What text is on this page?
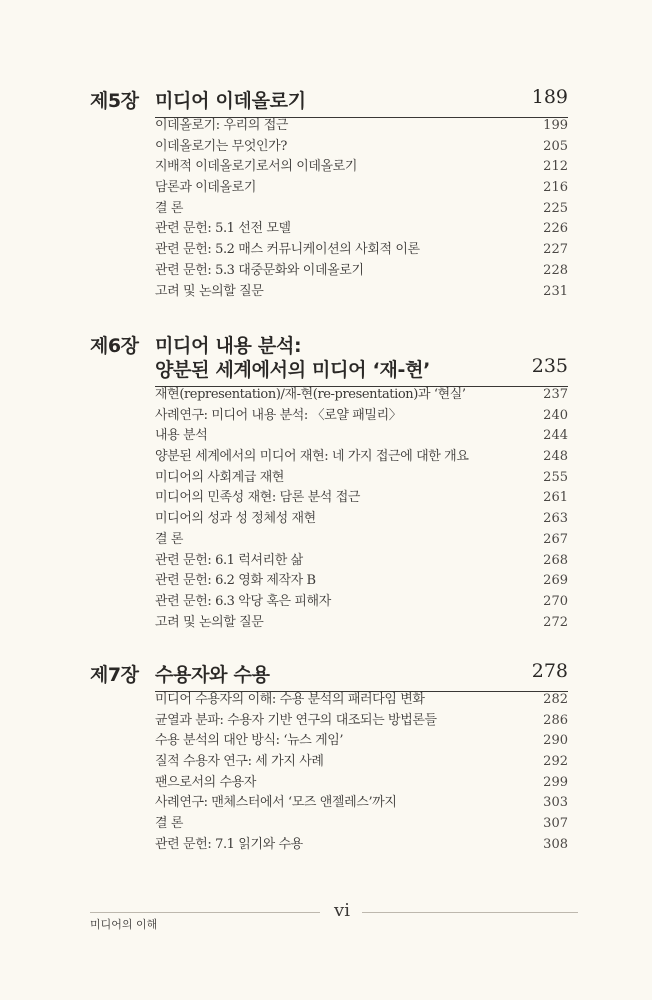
제5장 미디어 이데올로기	189
이데올로기: 우리의 접근	199
이데올로기는 무엇인가?	205
지배적 이데올로기로서의 이데올로기	212
담론과 이데올로기	216
결 론	225
관련 문헌: 5.1 선전 모델	226
관련 문헌: 5.2 매스 커뮤니케이션의 사회적 이론	227
관련 문헌: 5.3 대중문화와 이데올로기	228
고려 및 논의할 질문	231
제6장 미디어 내용 분석:
양분된 세계에서의 미디어 ‘재-현’	235
재현(representation)/재-현(re-presentation)과 ‘현실’	237
사례연구: 미디어 내용 분석: 〈로얄 패밀리〉	240
내용 분석	244
양분된 세계에서의 미디어 재현: 네 가지 접근에 대한 개요	248
미디어의 사회계급 재현	255
미디어의 민족성 재현: 담론 분석 접근	261
미디어의 성과 성 정체성 재현	263
결 론	267
관련 문헌: 6.1 럭셔리한 삶	268
관련 문헌: 6.2 영화 제작자 B	269
관련 문헌: 6.3 악당 혹은 피해자	270
고려 및 논의할 질문	272
제7장 수용자와 수용	278
미디어 수용자의 이해: 수용 분석의 패러다임 변화	282
균열과 분파: 수용자 기반 연구의 대조되는 방법론들	286
수용 분석의 대안 방식: ‘뉴스 게임’	290
질적 수용자 연구: 세 가지 사례	292
팬으로서의 수용자	299
사례연구: 맨체스터에서 ‘모즈 앤젤레스’까지	303
결 론	307
관련 문헌: 7.1 읽기와 수용	308
vi
미디어의 이해
